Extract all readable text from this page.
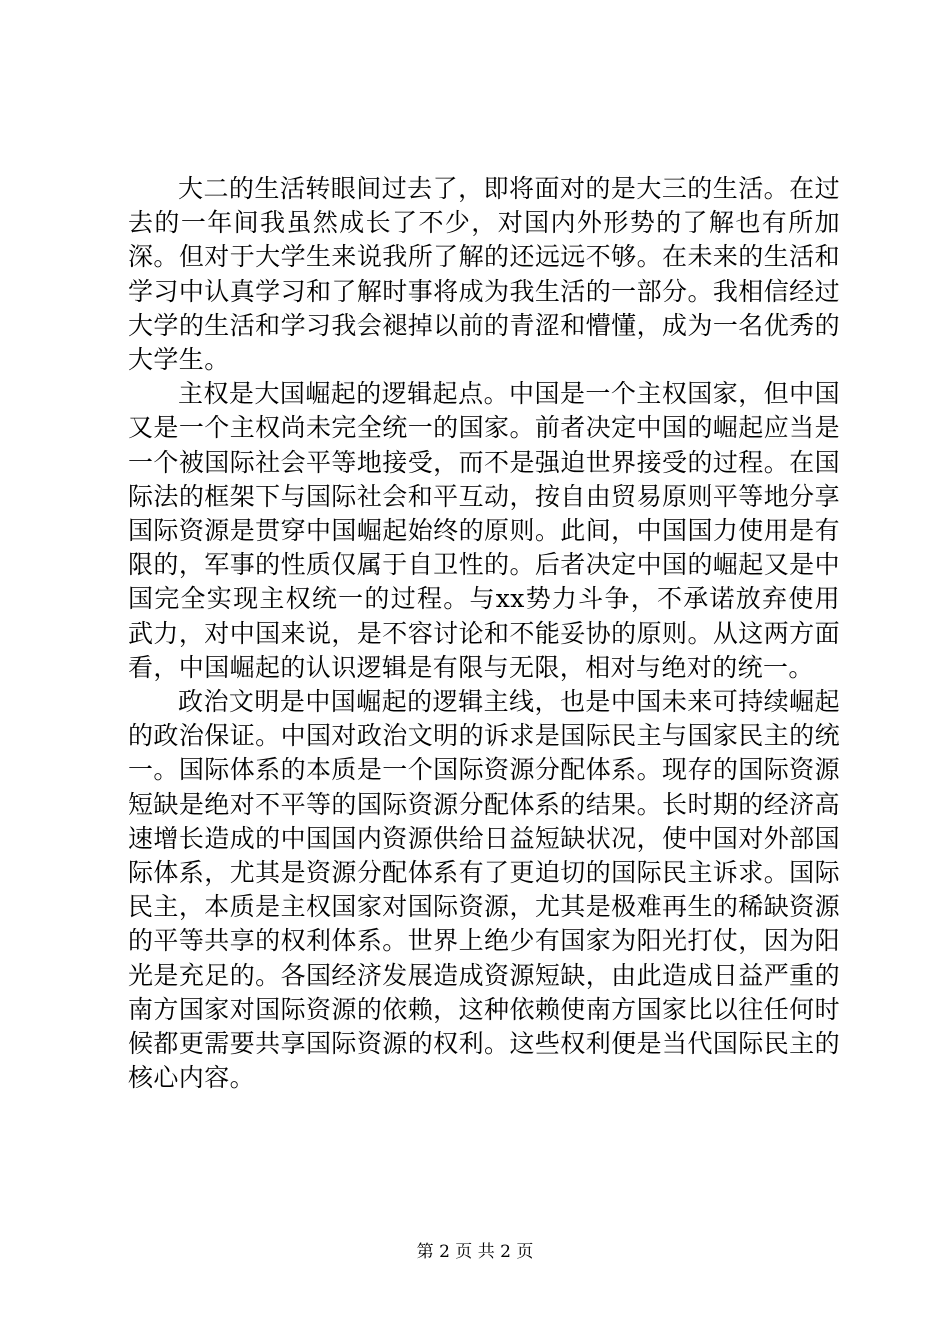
大二的生活转眼间过去了，即将面对的是大三的生活。在过去的一年间我虽然成长了不少，对国内外形势的了解也有所加深。但对于大学生来说我所了解的还远远不够。在未来的生活和学习中认真学习和了解时事将成为我生活的一部分。我相信经过大学的生活和学习我会褪掉以前的青涩和懵懂，成为一名优秀的大学生。

主权是大国崛起的逻辑起点。中国是一个主权国家，但中国又是一个主权尚未完全统一的国家。前者决定中国的崛起应当是一个被国际社会平等地接受，而不是强迫世界接受的过程。在国际法的框架下与国际社会和平互动，按自由贸易原则平等地分享国际资源是贯穿中国崛起始终的原则。此间，中国国力使用是有限的，军事的性质仅属于自卫性的。后者决定中国的崛起又是中国完全实现主权统一的过程。与xx势力斗争，不承诺放弃使用武力，对中国来说，是不容讨论和不能妥协的原则。从这两方面看，中国崛起的认识逻辑是有限与无限，相对与绝对的统一。

政治文明是中国崛起的逻辑主线，也是中国未来可持续崛起的政治保证。中国对政治文明的诉求是国际民主与国家民主的统一。国际体系的本质是一个国际资源分配体系。现存的国际资源短缺是绝对不平等的国际资源分配体系的结果。长时期的经济高速增长造成的中国国内资源供给日益短缺状况，使中国对外部国际体系，尤其是资源分配体系有了更迫切的国际民主诉求。国际民主，本质是主权国家对国际资源，尤其是极难再生的稀缺资源的平等共享的权利体系。世界上绝少有国家为阳光打仗，因为阳光是充足的。各国经济发展造成资源短缺，由此造成日益严重的南方国家对国际资源的依赖，这种依赖使南方国家比以往任何时候都更需要共享国际资源的权利。这些权利便是当代国际民主的核心内容。

第 2 页 共 2 页
